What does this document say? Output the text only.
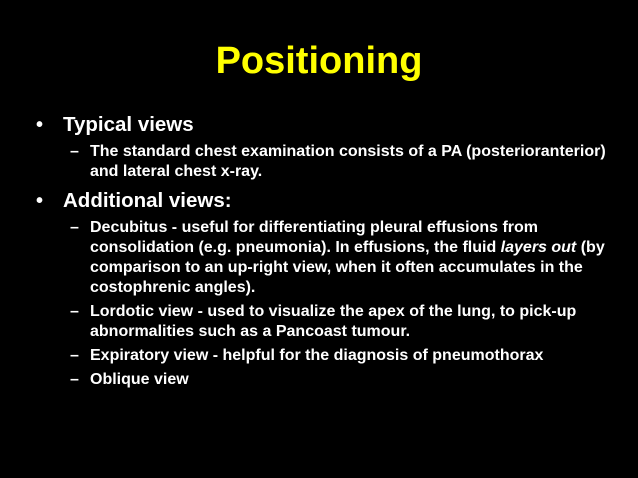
Positioning
• Typical views
– The standard chest examination consists of a PA (posterioranterior) and lateral chest x-ray.
• Additional views:
– Decubitus - useful for differentiating pleural effusions from consolidation (e.g. pneumonia). In effusions, the fluid layers out (by comparison to an up-right view, when it often accumulates in the costophrenic angles).
– Lordotic view - used to visualize the apex of the lung, to pick-up abnormalities such as a Pancoast tumour.
– Expiratory view - helpful for the diagnosis of pneumothorax
– Oblique view
